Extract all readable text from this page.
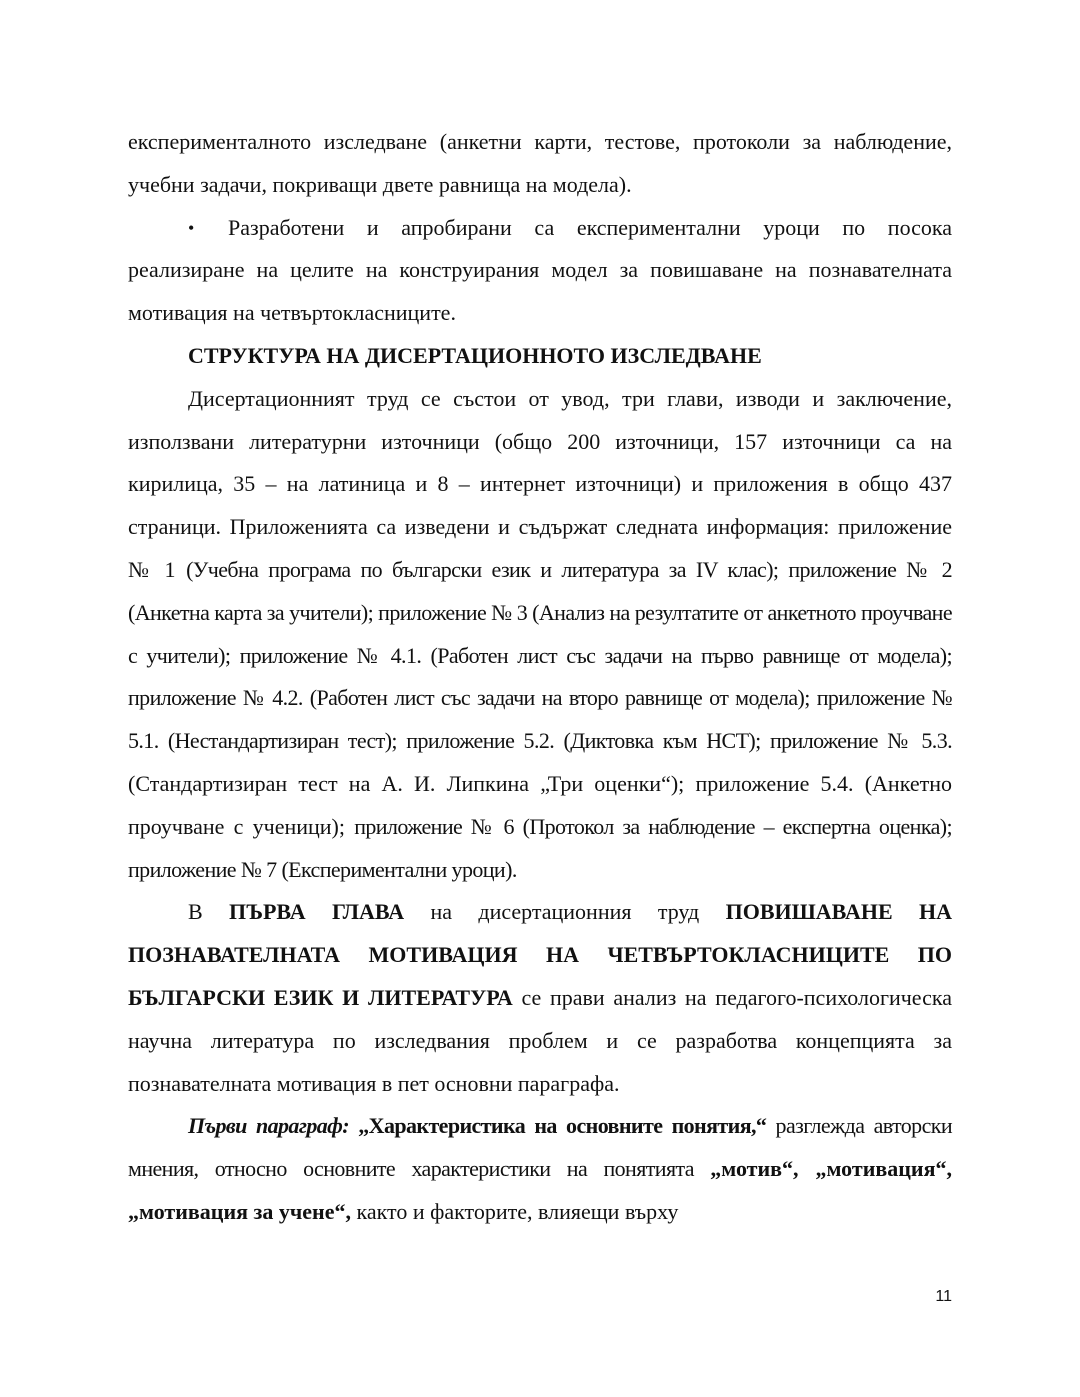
експерименталното изследване (анкетни карти, тестове, протоколи за наблюдение, учебни задачи, покриващи двете равнища на модела).

• Разработени и апробирани са експериментални уроци по посока реализиране на целите на конструирания модел за повишаване на познавателната мотивация на четвъртокласниците.

СТРУКТУРА НА ДИСЕРТАЦИОННОТО ИЗСЛЕДВАНЕ

Дисертационният труд се състои от увод, три глави, изводи и заключение, използвани литературни източници (общо 200 източници, 157 източници са на кирилица, 35 – на латиница и 8 – интернет източници) и приложения в общо 437 страници. Приложенията са изведени и съдържат следната информация: приложение № 1 (Учебна програма по български език и литература за IV клас); приложение № 2 (Анкетна карта за учители); приложение № 3 (Анализ на резултатите от анкетното проучване с учители); приложение № 4.1. (Работен лист със задачи на първо равнище от модела); приложение № 4.2. (Работен лист със задачи на второ равнище от модела); приложение № 5.1. (Нестандартизиран тест); приложение 5.2. (Диктовка към НСТ); приложение № 5.3. (Стандартизиран тест на А. И. Липкина „Три оценки“); приложение 5.4. (Анкетно проучване с ученици); приложение № 6 (Протокол за наблюдение – експертна оценка); приложение № 7 (Експериментални уроци).

В ПЪРВА ГЛАВА на дисертационния труд ПОВИШАВАНЕ НА ПОЗНАВАТЕЛНАТА МОТИВАЦИЯ НА ЧЕТВЪРТОКЛАСНИЦИТЕ ПО БЪЛГАРСКИ ЕЗИК И ЛИТЕРАТУРА се прави анализ на педагого-психологическа научна литература по изследвания проблем и се разработва концепцията за познавателната мотивация в пет основни параграфа.

Първи параграф: „Характеристика на основните понятия,“ разглежда авторски мнения, относно основните характеристики на понятията „мотив“, „мотивация“,„мотивация за учене“, както и факторите, влияещи върху

11
